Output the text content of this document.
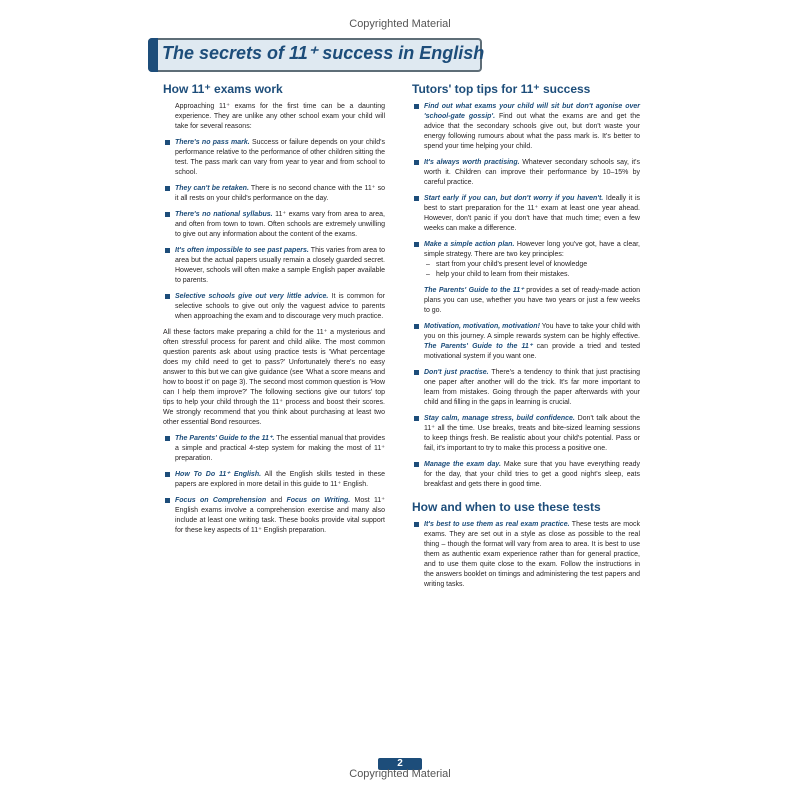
Copyrighted Material
The secrets of 11⁺ success in English
How 11⁺ exams work

Approaching 11⁺ exams for the first time can be a daunting experience. They are unlike any other school exam your child will take for several reasons:

There's no pass mark. Success or failure depends on your child's performance relative to the performance of other children sitting the test. The pass mark can vary from year to year and from school to school.
They can't be retaken. There is no second chance with the 11⁺ so it all rests on your child's performance on the day.
There's no national syllabus. 11⁺ exams vary from area to area, and often from town to town. Often schools are extremely unwilling to give out any information about the content of the exams.
It's often impossible to see past papers. This varies from area to area but the actual papers usually remain a closely guarded secret. However, schools will often make a sample English paper available to parents.
Selective schools give out very little advice. It is common for selective schools to give out only the vaguest advice to parents when approaching the exam and to discourage very much practice.

All these factors make preparing a child for the 11⁺ a mysterious and often stressful process for parent and child alike. The most common question parents ask about using practice tests is 'What percentage does my child need to get to pass?' Unfortunately there's no easy answer to this but we can give guidance (see 'What a score means and how to boost it' on page 3). The second most common question is 'How can I help them improve?' The following sections give our tutors' top tips to help your child through the 11⁺ process and boost their scores. We strongly recommend that you think about purchasing at least two other essential Bond resources.

The Parents' Guide to the 11⁺. The essential manual that provides a simple and practical 4-step system for making the most of 11⁺ preparation.
How To Do 11⁺ English. All the English skills tested in these papers are explored in more detail in this guide to 11⁺ English.
Focus on Comprehension and Focus on Writing. Most 11⁺ English exams involve a comprehension exercise and many also include at least one writing task. These books provide vital support for these key aspects of 11⁺ English preparation.
Tutors' top tips for 11⁺ success
Find out what exams your child will sit but don't agonise over 'school-gate gossip'. Find out what the exams are and get the advice that the secondary schools give out, but don't waste your energy following rumours about what the pass mark is. It's better to spend your time helping your child.
It's always worth practising. Whatever secondary schools say, it's worth it. Children can improve their performance by 10–15% by careful practice.
Start early if you can, but don't worry if you haven't. Ideally it is best to start preparation for the 11⁺ exam at least one year ahead. However, don't panic if you don't have that much time; even a few weeks can make a difference.
Make a simple action plan. However long you've got, have a clear, simple strategy. There are two key principles:
– start from your child's present level of knowledge
– help your child to learn from their mistakes.

The Parents' Guide to the 11⁺ provides a set of ready-made action plans you can use, whether you have two years or just a few weeks to go.

Motivation, motivation, motivation! You have to take your child with you on this journey. A simple rewards system can be highly effective. The Parents' Guide to the 11⁺ can provide a tried and tested motivational system if you want one.
Don't just practise. There's a tendency to think that just practising one paper after another will do the trick. It's far more important to learn from mistakes. Going through the paper afterwards with your child and filling in the gaps in learning is crucial.
Stay calm, manage stress, build confidence. Don't talk about the 11⁺ all the time. Use breaks, treats and bite-sized learning sessions to keep things fresh. Be realistic about your child's potential. Pass or fail, it's important to try to make this process a positive one.
Manage the exam day. Make sure that you have everything ready for the day, that your child tries to get a good night's sleep, eats breakfast and gets there in good time.
How and when to use these tests
It's best to use them as real exam practice. These tests are mock exams. They are set out in a style as close as possible to the real thing – though the format will vary from area to area. It is best to use them as authentic exam experience rather than for general practice, and to use them quite close to the exam. Follow the instructions in the answers booklet on timings and administering the test papers and writing tasks.
2
Copyrighted Material
